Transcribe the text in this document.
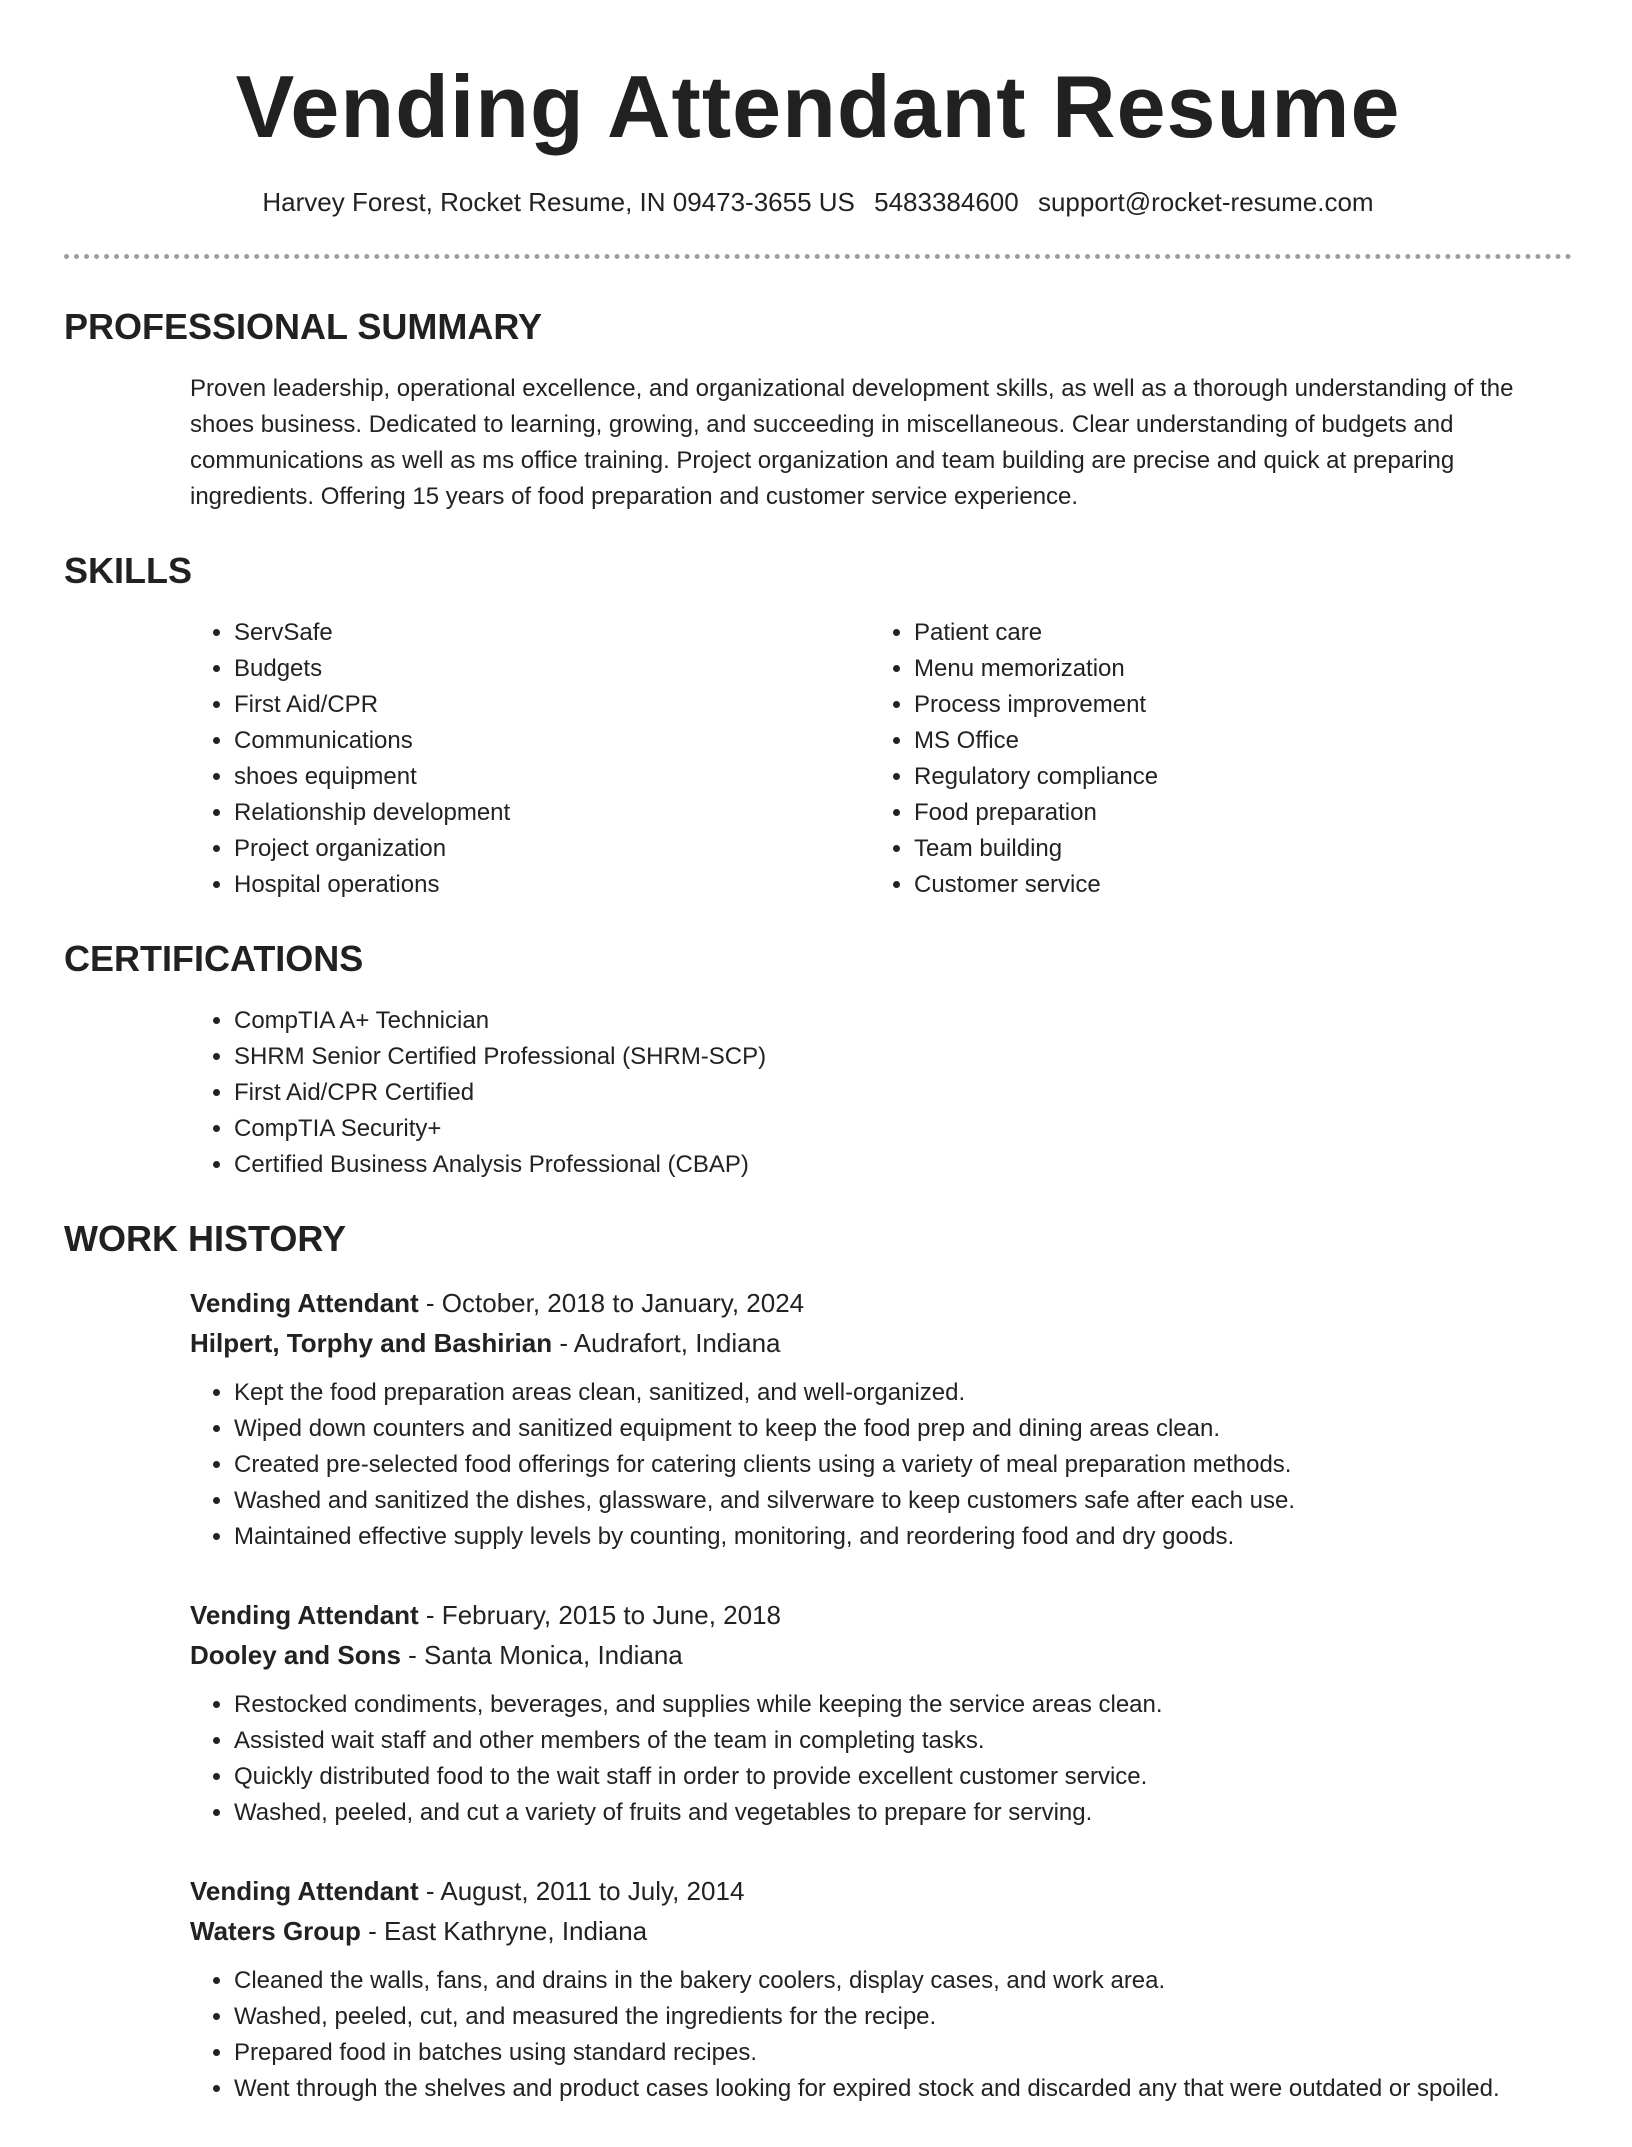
Vending Attendant Resume
Harvey Forest, Rocket Resume, IN 09473-3655 US 5483384600 support@rocket-resume.com
PROFESSIONAL SUMMARY
Proven leadership, operational excellence, and organizational development skills, as well as a thorough understanding of the shoes business. Dedicated to learning, growing, and succeeding in miscellaneous. Clear understanding of budgets and communications as well as ms office training. Project organization and team building are precise and quick at preparing ingredients. Offering 15 years of food preparation and customer service experience.
SKILLS
• ServSafe
• Budgets
• First Aid/CPR
• Communications
• shoes equipment
• Relationship development
• Project organization
• Hospital operations
• Patient care
• Menu memorization
• Process improvement
• MS Office
• Regulatory compliance
• Food preparation
• Team building
• Customer service
CERTIFICATIONS
• CompTIA A+ Technician
• SHRM Senior Certified Professional (SHRM-SCP)
• First Aid/CPR Certified
• CompTIA Security+
• Certified Business Analysis Professional (CBAP)
WORK HISTORY
Vending Attendant - October, 2018 to January, 2024
Hilpert, Torphy and Bashirian - Audrafort, Indiana
• Kept the food preparation areas clean, sanitized, and well-organized.
• Wiped down counters and sanitized equipment to keep the food prep and dining areas clean.
• Created pre-selected food offerings for catering clients using a variety of meal preparation methods.
• Washed and sanitized the dishes, glassware, and silverware to keep customers safe after each use.
• Maintained effective supply levels by counting, monitoring, and reordering food and dry goods.
Vending Attendant - February, 2015 to June, 2018
Dooley and Sons - Santa Monica, Indiana
• Restocked condiments, beverages, and supplies while keeping the service areas clean.
• Assisted wait staff and other members of the team in completing tasks.
• Quickly distributed food to the wait staff in order to provide excellent customer service.
• Washed, peeled, and cut a variety of fruits and vegetables to prepare for serving.
Vending Attendant - August, 2011 to July, 2014
Waters Group - East Kathryne, Indiana
• Cleaned the walls, fans, and drains in the bakery coolers, display cases, and work area.
• Washed, peeled, cut, and measured the ingredients for the recipe.
• Prepared food in batches using standard recipes.
• Went through the shelves and product cases looking for expired stock and discarded any that were outdated or spoiled.
